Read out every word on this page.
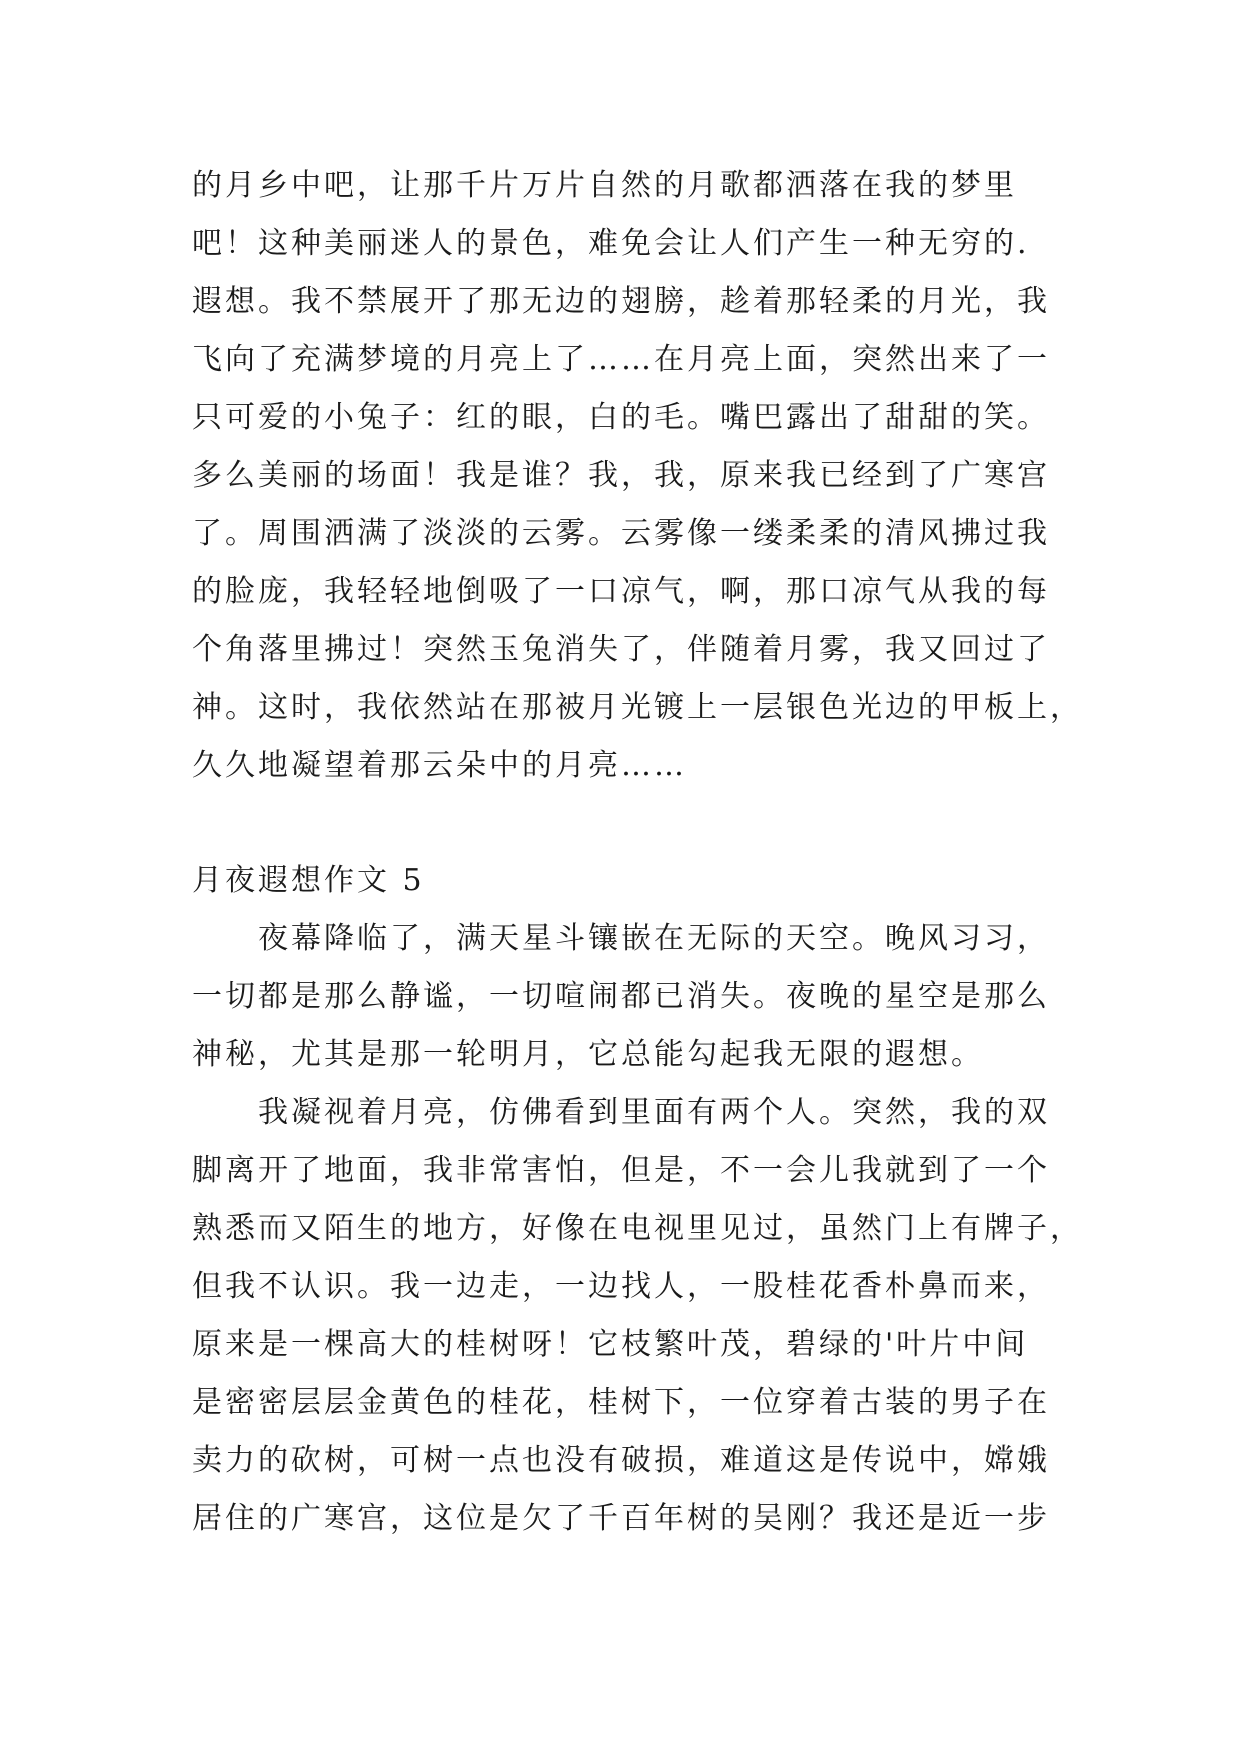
的月乡中吧，让那千片万片自然的月歌都洒落在我的梦里
吧！这种美丽迷人的景色，难免会让人们产生一种无穷的.
遐想。我不禁展开了那无边的翅膀，趁着那轻柔的月光，我
飞向了充满梦境的月亮上了……在月亮上面，突然出来了一
只可爱的小兔子：红的眼，白的毛。嘴巴露出了甜甜的笑。
多么美丽的场面！我是谁？我，我，原来我已经到了广寒宫
了。周围洒满了淡淡的云雾。云雾像一缕柔柔的清风拂过我
的脸庞，我轻轻地倒吸了一口凉气，啊，那口凉气从我的每
个角落里拂过！突然玉兔消失了，伴随着月雾，我又回过了
神。这时，我依然站在那被月光镀上一层银色光边的甲板上，
久久地凝望着那云朵中的月亮……
月夜遐想作文 5
　　夜幕降临了，满天星斗镶嵌在无际的天空。晚风习习，
一切都是那么静谧，一切喧闹都已消失。夜晚的星空是那么
神秘，尤其是那一轮明月，它总能勾起我无限的遐想。
　　我凝视着月亮，仿佛看到里面有两个人。突然，我的双
脚离开了地面，我非常害怕，但是，不一会儿我就到了一个
熟悉而又陌生的地方，好像在电视里见过，虽然门上有牌子，
但我不认识。我一边走，一边找人，一股桂花香朴鼻而来，
原来是一棵高大的桂树呀！它枝繁叶茂，碧绿的'叶片中间
是密密层层金黄色的桂花，桂树下，一位穿着古装的男子在
卖力的砍树，可树一点也没有破损，难道这是传说中，嫦娥
居住的广寒宫，这位是欠了千百年树的吴刚？我还是近一步
